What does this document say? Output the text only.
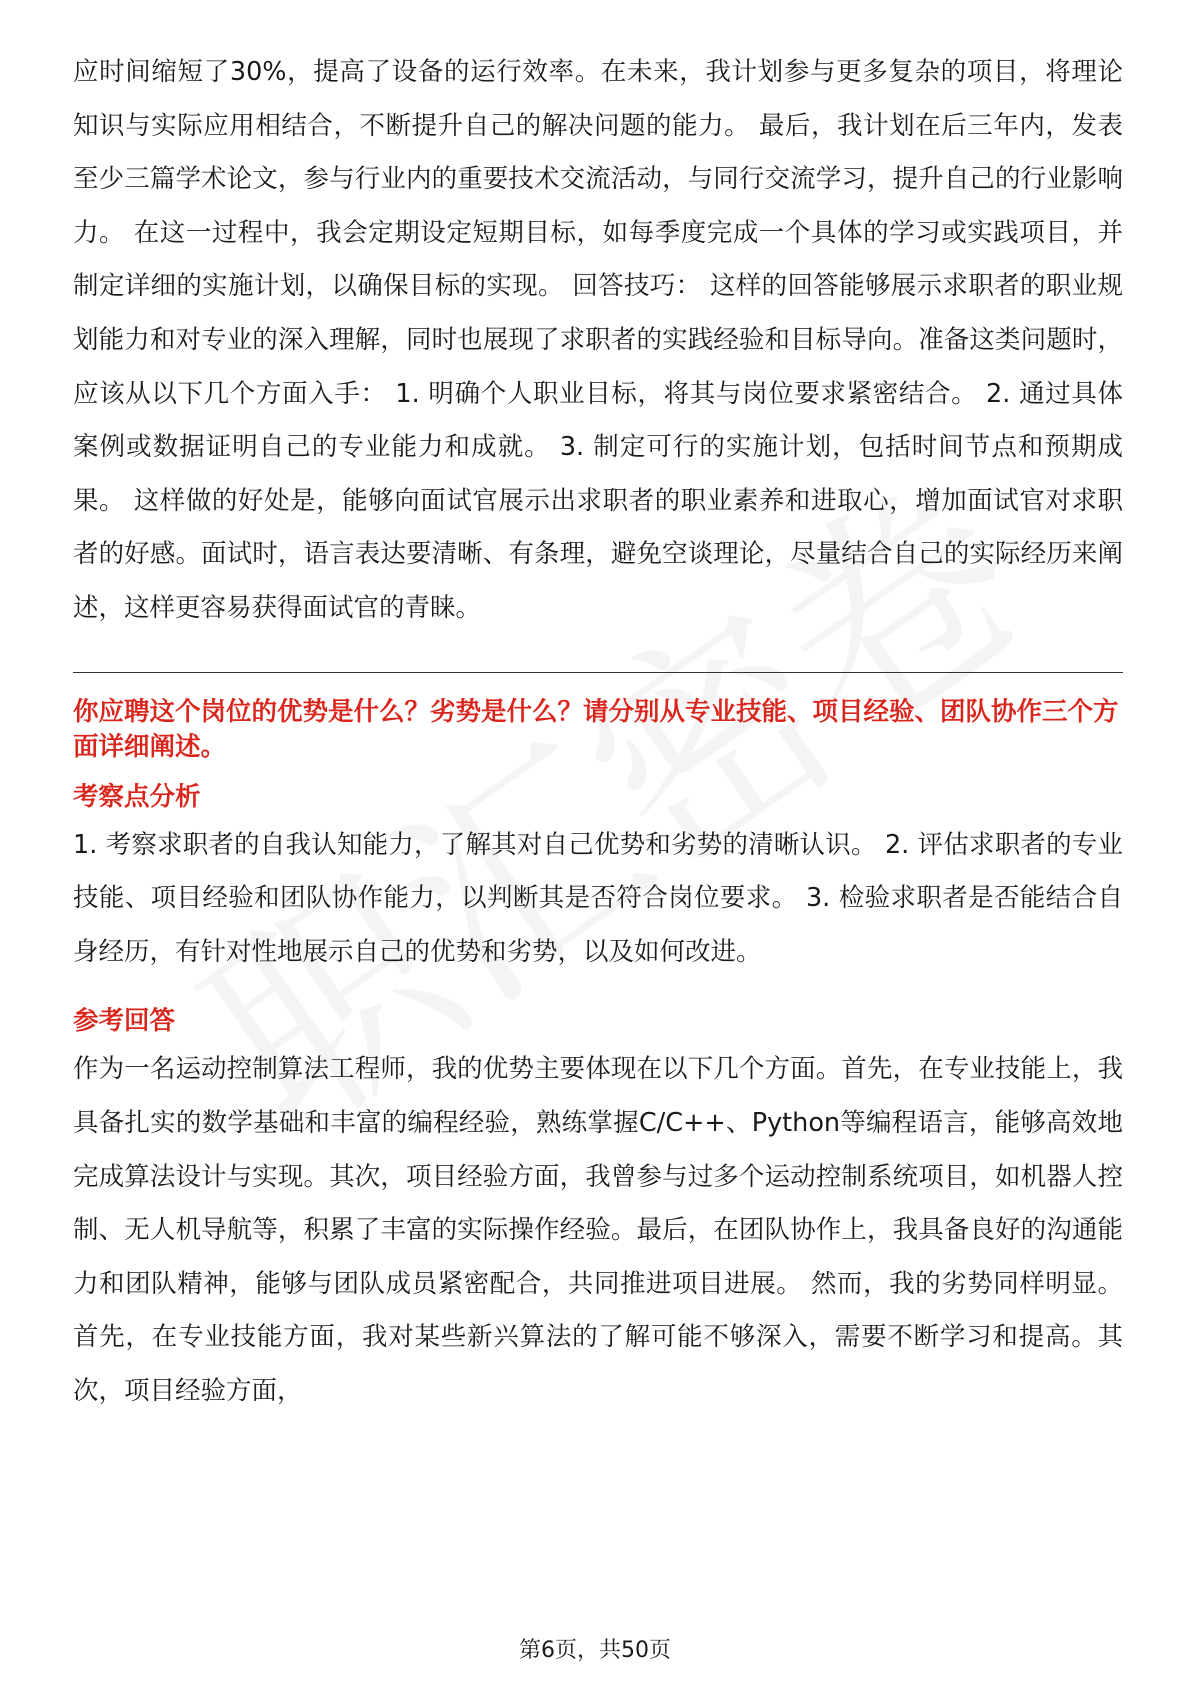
应时间缩短了30%，提高了设备的运行效率。在未来，我计划参与更多复杂的项目，将理论知识与实际应用相结合，不断提升自己的解决问题的能力。 最后，我计划在后三年内，发表至少三篇学术论文，参与行业内的重要技术交流活动，与同行交流学习，提升自己的行业影响力。 在这一过程中，我会定期设定短期目标，如每季度完成一个具体的学习或实践项目，并制定详细的实施计划，以确保目标的实现。 回答技巧： 这样的回答能够展示求职者的职业规划能力和对专业的深入理解，同时也展现了求职者的实践经验和目标导向。准备这类问题时，应该从以下几个方面入手： 1. 明确个人职业目标，将其与岗位要求紧密结合。 2. 通过具体案例或数据证明自己的专业能力和成就。 3. 制定可行的实施计划，包括时间节点和预期成果。 这样做的好处是，能够向面试官展示出求职者的职业素养和进取心，增加面试官对求职者的好感。面试时，语言表达要清晰、有条理，避免空谈理论，尽量结合自己的实际经历来阐述，这样更容易获得面试官的青睐。

你应聘这个岗位的优势是什么？劣势是什么？请分别从专业技能、项目经验、团队协作三个方面详细阐述。
考察点分析

1. 考察求职者的自我认知能力，了解其对自己优势和劣势的清晰认识。 2. 评估求职者的专业技能、项目经验和团队协作能力，以判断其是否符合岗位要求。 3. 检验求职者是否能结合自身经历，有针对性地展示自己的优势和劣势，以及如何改进。

参考回答

作为一名运动控制算法工程师，我的优势主要体现在以下几个方面。首先，在专业技能上，我具备扎实的数学基础和丰富的编程经验，熟练掌握C/C++、Python等编程语言，能够高效地完成算法设计与实现。其次，项目经验方面，我曾参与过多个运动控制系统项目，如机器人控制、无人机导航等，积累了丰富的实际操作经验。最后，在团队协作上，我具备良好的沟通能力和团队精神，能够与团队成员紧密配合，共同推进项目进展。 然而，我的劣势同样明显。首先，在专业技能方面，我对某些新兴算法的了解可能不够深入，需要不断学习和提高。其次，项目经验方面，

第6页，共50页
